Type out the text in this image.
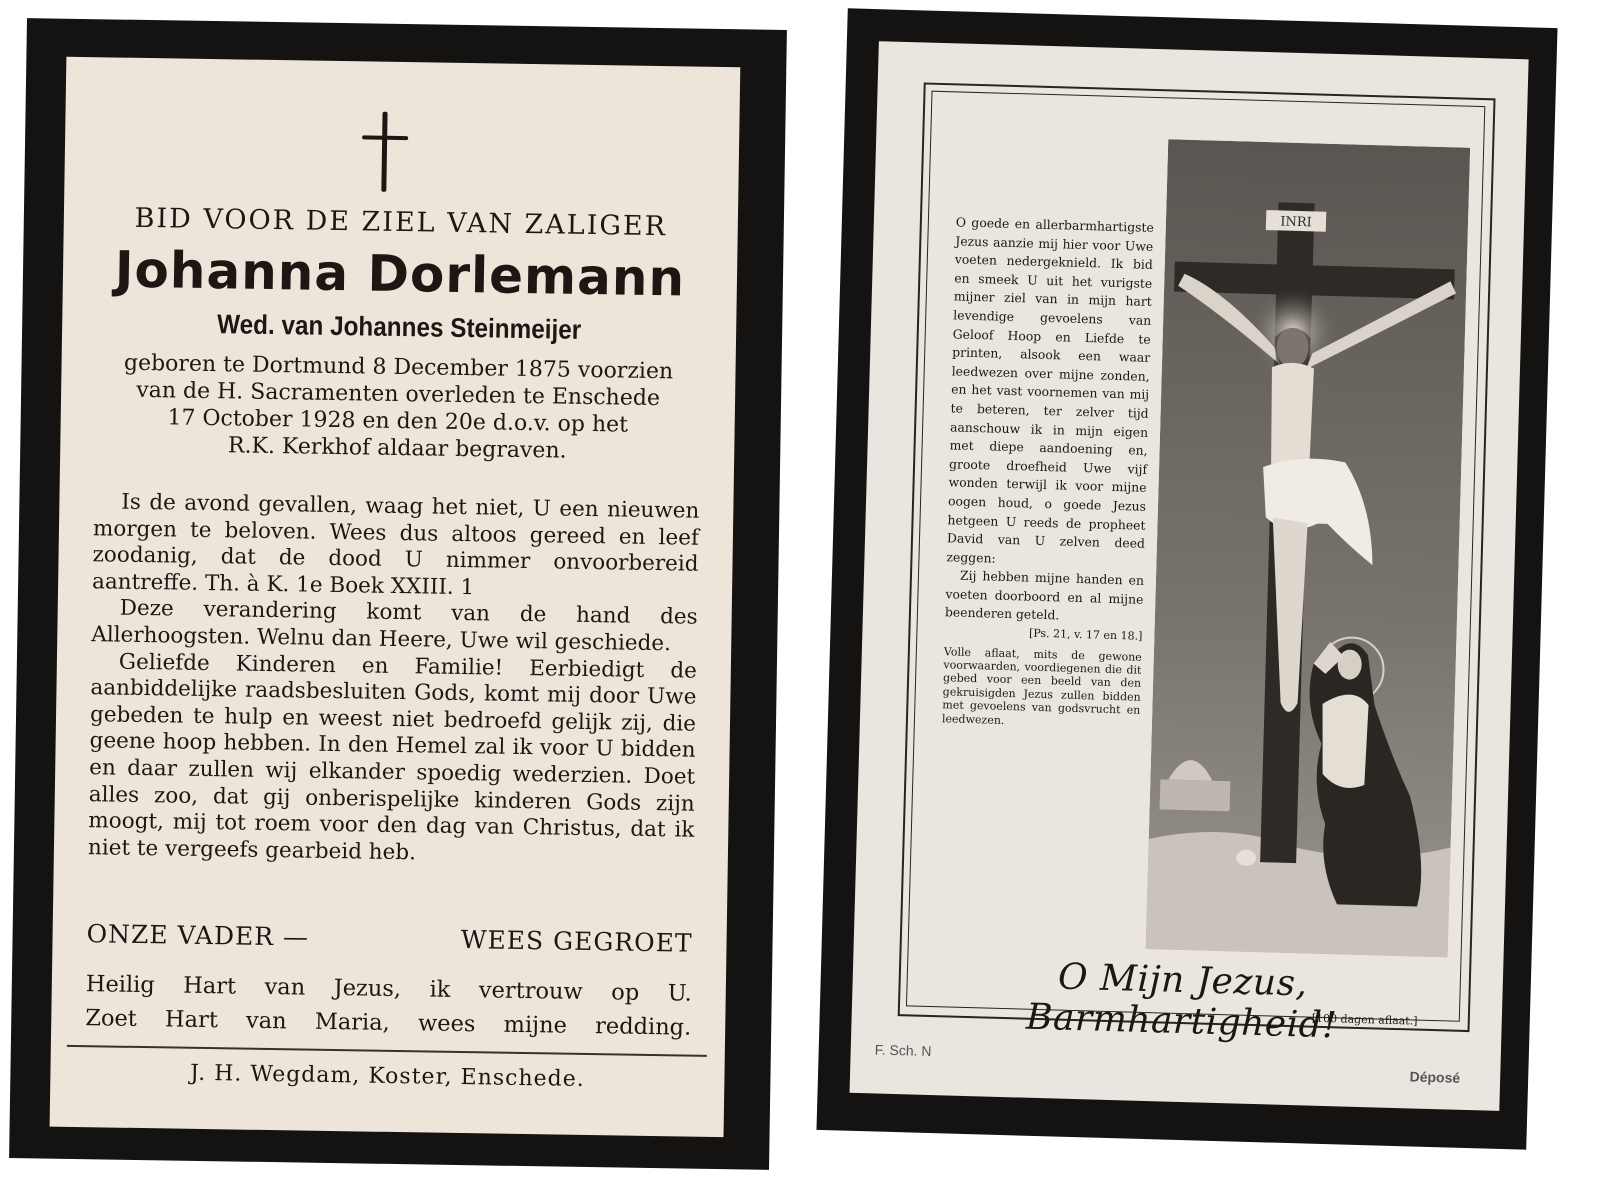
BID VOOR DE ZIEL VAN ZALIGER
Johanna Dorlemann
Wed. van Johannes Steinmeijer
geboren te Dortmund 8 December 1875 voorzien
van de H. Sacramenten overleden te Enschede
17 October 1928 en den 20e d.o.v. op het
R.K. Kerkhof aldaar begraven.

Is de avond gevallen, waag het niet, U een nieuwen morgen te beloven. Wees dus altoos gereed en leef zoodanig, dat de dood U nimmer onvoorbereid aantreffe. Th. à K. 1e Boek XXIII. 1

Deze verandering komt van de hand des Allerhoogsten. Welnu dan Heere, Uwe wil geschiede.

Geliefde Kinderen en Familie! Eerbiedigt de aanbiddelijke raadsbesluiten Gods, komt mij door Uwe gebeden te hulp en weest niet bedroefd gelijk zij, die geene hoop hebben. In den Hemel zal ik voor U bidden en daar zullen wij elkander spoedig wederzien. Doet alles zoo, dat gij onberispelijke kinderen Gods zijn moogt, mij tot roem voor den dag van Christus, dat ik niet te vergeefs gearbeid heb.

ONZE VADER —	WEES GEGROET
Heilig Hart van Jezus, ik vertrouw op U.
Zoet Hart van Maria, wees mijne redding.
J. H. Wegdam, Koster, Enschede.

O goede en allerbarmhartigste Jezus aanzie mij hier voor Uwe voeten nedergeknield. Ik bid en smeek U uit het vurigste mijner ziel van in mijn hart levendige gevoelens van Geloof Hoop en Liefde te printen, alsook een waar leedwezen over mijne zonden, en het vast voornemen van mij te beteren, ter zelver tijd aanschouw ik in mijn eigen met diepe aandoening en, groote droefheid Uwe vijf wonden terwijl ik voor mijne oogen houd, o goede Jezus hetgeen U reeds de propheet David van U zelven deed zeggen:

Zij hebben mijne handen en voeten doorboord en al mijne beenderen geteld.

[Ps. 21, v. 17 en 18.]
Volle aflaat, mits de gewone voorwaarden, voordiegenen die dit gebed voor een beeld van den gekruisigden Jezus zullen bidden met gevoelens van godsvrucht en leedwezen.
INRI
O Mijn Jezus, Barmhartigheid!
[100 dagen aflaat.]
F. Sch. N
Déposé
